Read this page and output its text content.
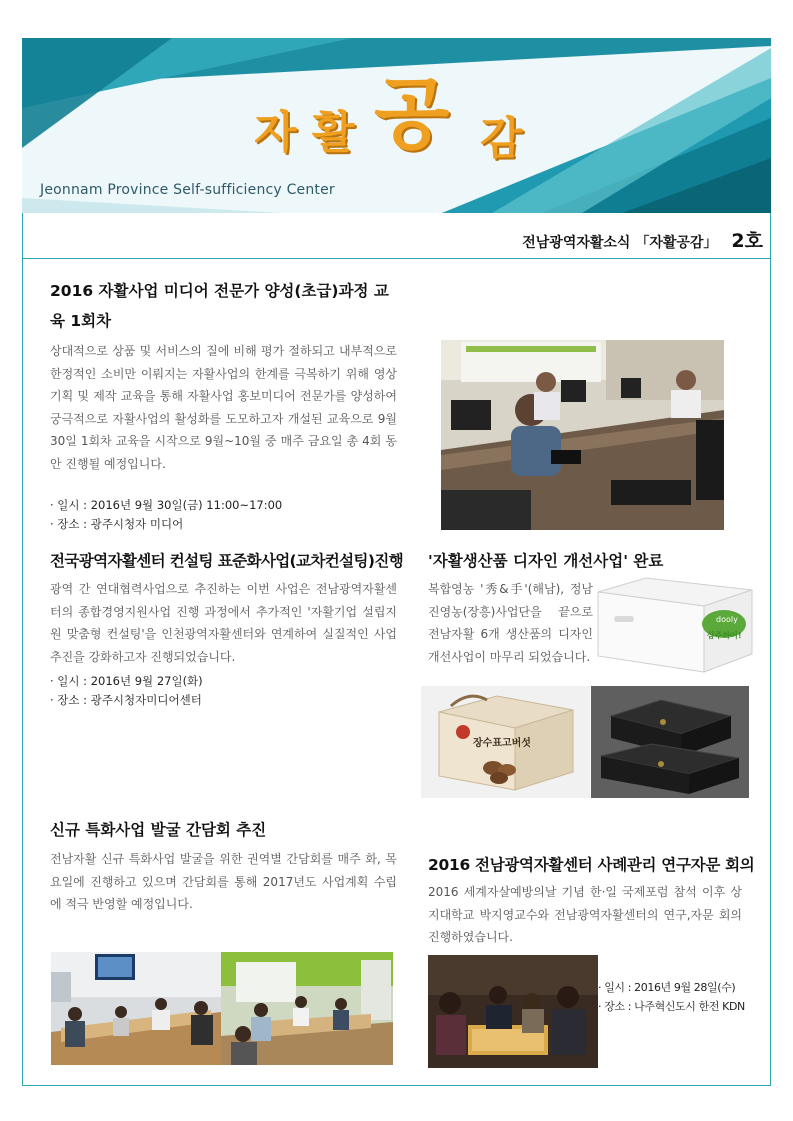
자 활 공 감
Jeonnam Province Self-sufficiency Center
전남광역자활소식 「자활공감」 2호
2016 자활사업 미디어 전문가 양성(초급)과정 교육 1회차
상대적으로 상품 및 서비스의 질에 비해 평가 절하되고 내부적으로 한정적인 소비만 이뤄지는 자활사업의 한계를 극복하기 위해 영상 기획 및 제작 교육을 통해 자활사업 홍보미디어 전문가를 양성하여 궁극적으로 자활사업의 활성화를 도모하고자 개설된 교육으로 9월 30일 1회차 교육을 시작으로 9월~10월 중 매주 금요일 총 4회 동안 진행될 예정입니다.
· 일시 : 2016년 9월 30일(금) 11:00~17:00
· 장소 : 광주시청자 미디어
전국광역자활센터 컨설팅 표준화사업(교차컨설팅)진행
광역 간 연대협력사업으로 추진하는 이번 사업은 전남광역자활센터의 종합경영지원사업 진행 과정에서 추가적인 '자활기업 설립지원 맞춤형 컨설팅'을 인천광역자활센터와 연계하여 실질적인 사업추진을 강화하고자 진행되었습니다.
· 일시 : 2016년 9월 27일(화)
· 장소 : 광주시청자미디어센터
'자활생산품 디자인 개선사업' 완료
복합영농 '秀&手'(해남), 정남진영농(장흥)사업단을 끝으로 전남자활 6개 생산품의 디자인개선사업이 마무리 되었습니다.
dooly
삼주하이!
장수표고버섯
신규 특화사업 발굴 간담회 추진
전남자활 신규 특화사업 발굴을 위한 권역별 간담회를 매주 화, 목요일에 진행하고 있으며 간담회를 통해 2017년도 사업계획 수립에 적극 반영할 예정입니다.
2016 전남광역자활센터 사례관리 연구자문 회의
2016 세계자살예방의날 기념 한·일 국제포럼 참석 이후 상지대학교 박지영교수와 전남광역자활센터의 연구,자문 회의 진행하였습니다.
· 일시 : 2016년 9월 28일(수)
· 장소 : 나주혁신도시 한전 KDN
